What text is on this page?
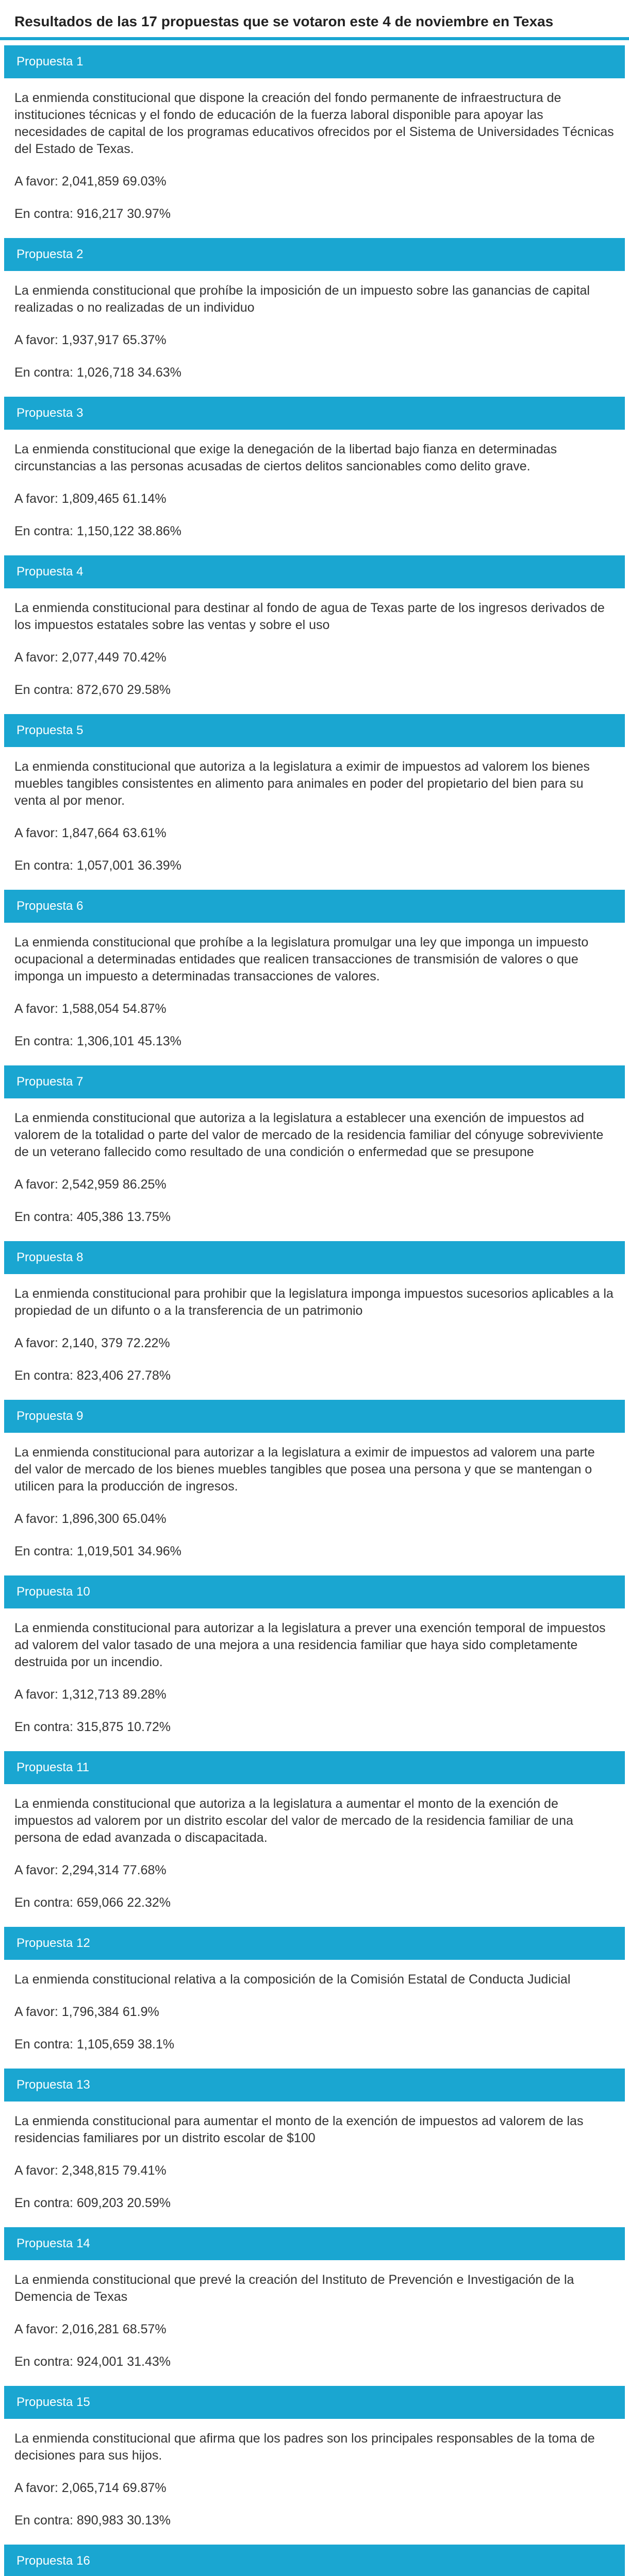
Resultados de las 17 propuestas que se votaron este 4 de noviembre en Texas
Propuesta 1

La enmienda constitucional que dispone la creación del fondo permanente de infraestructura de instituciones técnicas y el fondo de educación de la fuerza laboral disponible para apoyar las necesidades de capital de los programas educativos ofrecidos por el Sistema de Universidades Técnicas del Estado de Texas.

A favor: 2,041,859 69.03%

En contra: 916,217 30.97%

Propuesta 2

La enmienda constitucional que prohíbe la imposición de un impuesto sobre las ganancias de capital realizadas o no realizadas de un individuo

A favor: 1,937,917 65.37%

En contra: 1,026,718 34.63%

Propuesta 3

La enmienda constitucional que exige la denegación de la libertad bajo fianza en determinadas circunstancias a las personas acusadas de ciertos delitos sancionables como delito grave.

A favor: 1,809,465 61.14%

En contra: 1,150,122 38.86%

Propuesta 4

La enmienda constitucional para destinar al fondo de agua de Texas parte de los ingresos derivados de los impuestos estatales sobre las ventas y sobre el uso

A favor: 2,077,449 70.42%

En contra: 872,670 29.58%

Propuesta 5

La enmienda constitucional que autoriza a la legislatura a eximir de impuestos ad valorem los bienes muebles tangibles consistentes en alimento para animales en poder del propietario del bien para su venta al por menor.

A favor: 1,847,664 63.61%

En contra: 1,057,001 36.39%

Propuesta 6

La enmienda constitucional que prohíbe a la legislatura promulgar una ley que imponga un impuesto ocupacional a determinadas entidades que realicen transacciones de transmisión de valores o que imponga un impuesto a determinadas transacciones de valores.

A favor: 1,588,054 54.87%

En contra: 1,306,101 45.13%

Propuesta 7

La enmienda constitucional que autoriza a la legislatura a establecer una exención de impuestos ad valorem de la totalidad o parte del valor de mercado de la residencia familiar del cónyuge sobreviviente de un veterano fallecido como resultado de una condición o enfermedad que se presupone

A favor: 2,542,959 86.25%

En contra: 405,386 13.75%

Propuesta 8

La enmienda constitucional para prohibir que la legislatura imponga impuestos sucesorios aplicables a la propiedad de un difunto o a la transferencia de un patrimonio

A favor: 2,140, 379 72.22%

En contra: 823,406 27.78%

Propuesta 9

La enmienda constitucional para autorizar a la legislatura a eximir de impuestos ad valorem una parte del valor de mercado de los bienes muebles tangibles que posea una persona y que se mantengan o utilicen para la producción de ingresos.

A favor: 1,896,300 65.04%

En contra: 1,019,501 34.96%

Propuesta 10

La enmienda constitucional para autorizar a la legislatura a prever una exención temporal de impuestos ad valorem del valor tasado de una mejora a una residencia familiar que haya sido completamente destruida por un incendio.

A favor: 1,312,713 89.28%

En contra: 315,875 10.72%

Propuesta 11

La enmienda constitucional que autoriza a la legislatura a aumentar el monto de la exención de impuestos ad valorem por un distrito escolar del valor de mercado de la residencia familiar de una persona de edad avanzada o discapacitada.

A favor: 2,294,314 77.68%

En contra: 659,066 22.32%

Propuesta 12

La enmienda constitucional relativa a la composición de la Comisión Estatal de Conducta Judicial

A favor: 1,796,384 61.9%

En contra: 1,105,659 38.1%

Propuesta 13

La enmienda constitucional para aumentar el monto de la exención de impuestos ad valorem de las residencias familiares por un distrito escolar de $100

A favor: 2,348,815 79.41%

En contra: 609,203 20.59%

Propuesta 14

La enmienda constitucional que prevé la creación del Instituto de Prevención e Investigación de la Demencia de Texas

A favor: 2,016,281 68.57%

En contra: 924,001 31.43%

Propuesta 15

La enmienda constitucional que afirma que los padres son los principales responsables de la toma de decisiones para sus hijos.

A favor: 2,065,714 69.87%

En contra: 890,983 30.13%

Propuesta 16
